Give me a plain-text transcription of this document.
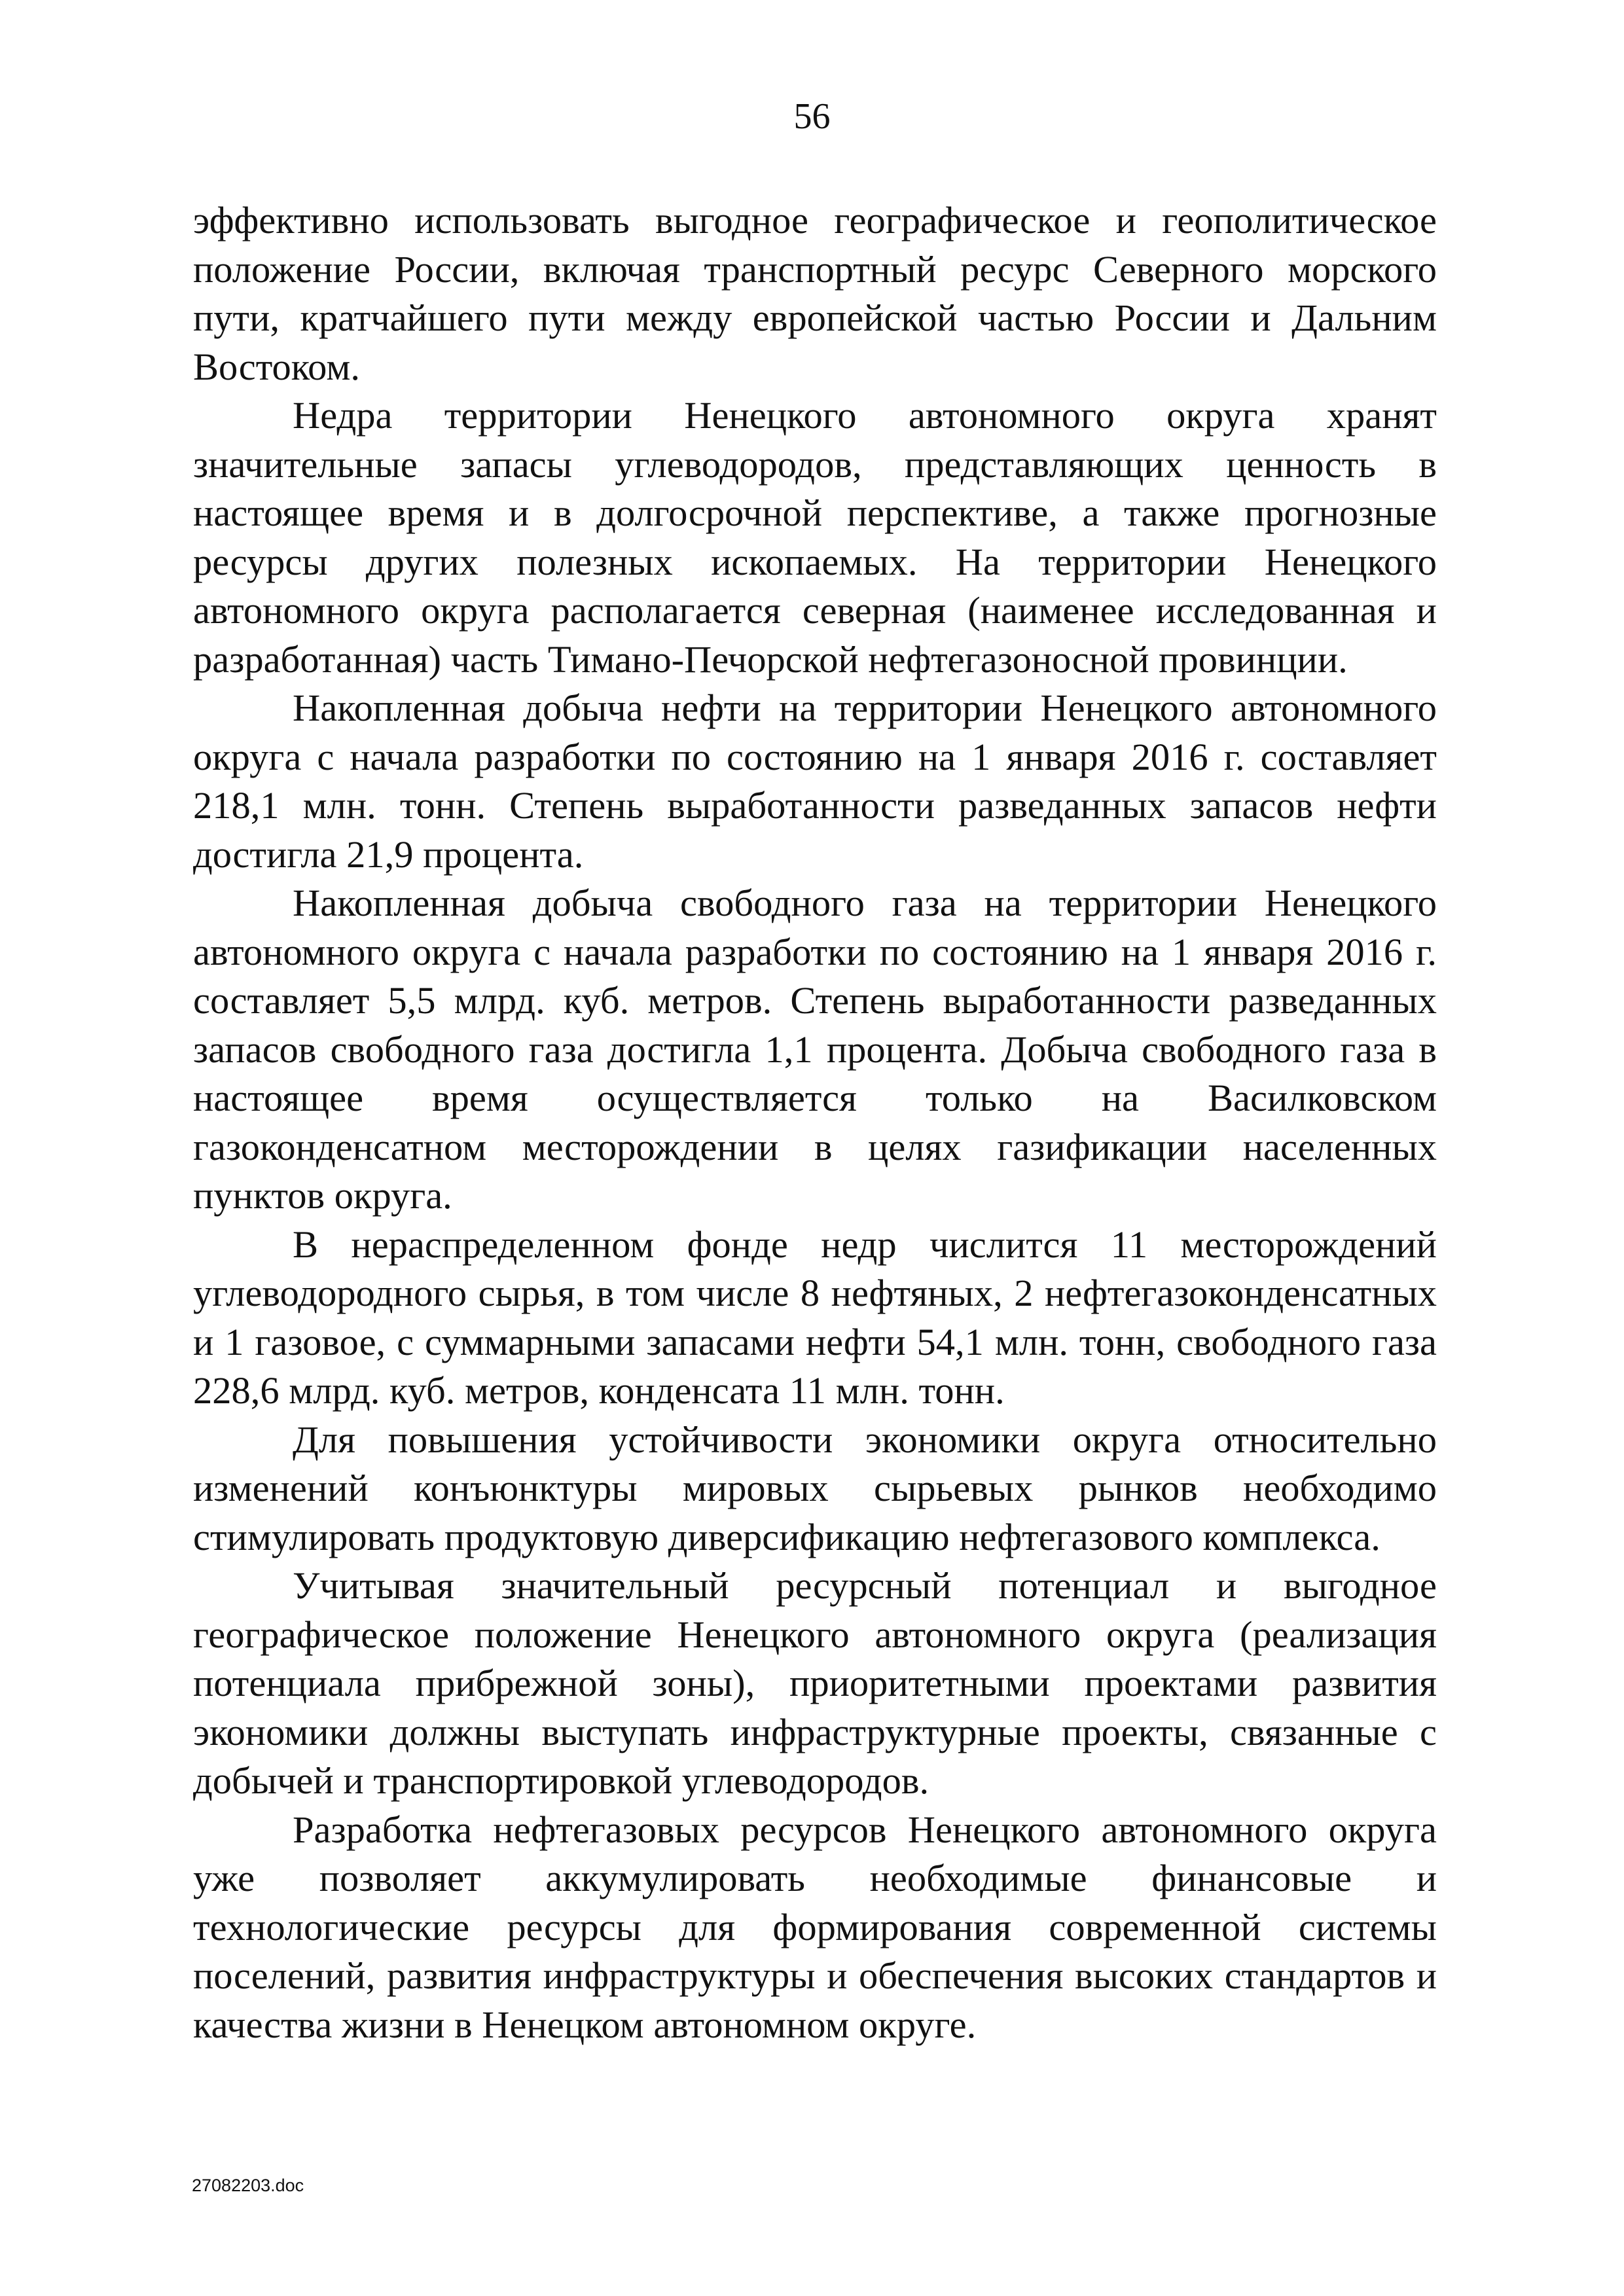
56

эффективно использовать выгодное географическое и геополитическое положение России, включая транспортный ресурс Северного морского пути, кратчайшего пути между европейской частью России и Дальним Востоком.

Недра территории Ненецкого автономного округа хранят значительные запасы углеводородов, представляющих ценность в настоящее время и в долгосрочной перспективе, а также прогнозные ресурсы других полезных ископаемых. На территории Ненецкого автономного округа располагается северная (наименее исследованная и разработанная) часть Тимано-Печорской нефтегазоносной провинции.

Накопленная добыча нефти на территории Ненецкого автономного округа с начала разработки по состоянию на 1 января 2016 г. составляет 218,1 млн. тонн. Степень выработанности разведанных запасов нефти достигла 21,9 процента.

Накопленная добыча свободного газа на территории Ненецкого автономного округа с начала разработки по состоянию на 1 января 2016 г. составляет 5,5 млрд. куб. метров. Степень выработанности разведанных запасов свободного газа достигла 1,1 процента. Добыча свободного газа в настоящее время осуществляется только на Василковском газоконденсатном месторождении в целях газификации населенных пунктов округа.

В нераспределенном фонде недр числится 11 месторождений углеводородного сырья, в том числе 8 нефтяных, 2 нефтегазоконденсатных и 1 газовое, с суммарными запасами нефти 54,1 млн. тонн, свободного газа 228,6 млрд. куб. метров, конденсата 11 млн. тонн.

Для повышения устойчивости экономики округа относительно изменений конъюнктуры мировых сырьевых рынков необходимо стимулировать продуктовую диверсификацию нефтегазового комплекса.

Учитывая значительный ресурсный потенциал и выгодное географическое положение Ненецкого автономного округа (реализация потенциала прибрежной зоны), приоритетными проектами развития экономики должны выступать инфраструктурные проекты, связанные с добычей и транспортировкой углеводородов.

Разработка нефтегазовых ресурсов Ненецкого автономного округа уже позволяет аккумулировать необходимые финансовые и технологические ресурсы для формирования современной системы поселений, развития инфраструктуры и обеспечения высоких стандартов и качества жизни в Ненецком автономном округе.

27082203.doc
